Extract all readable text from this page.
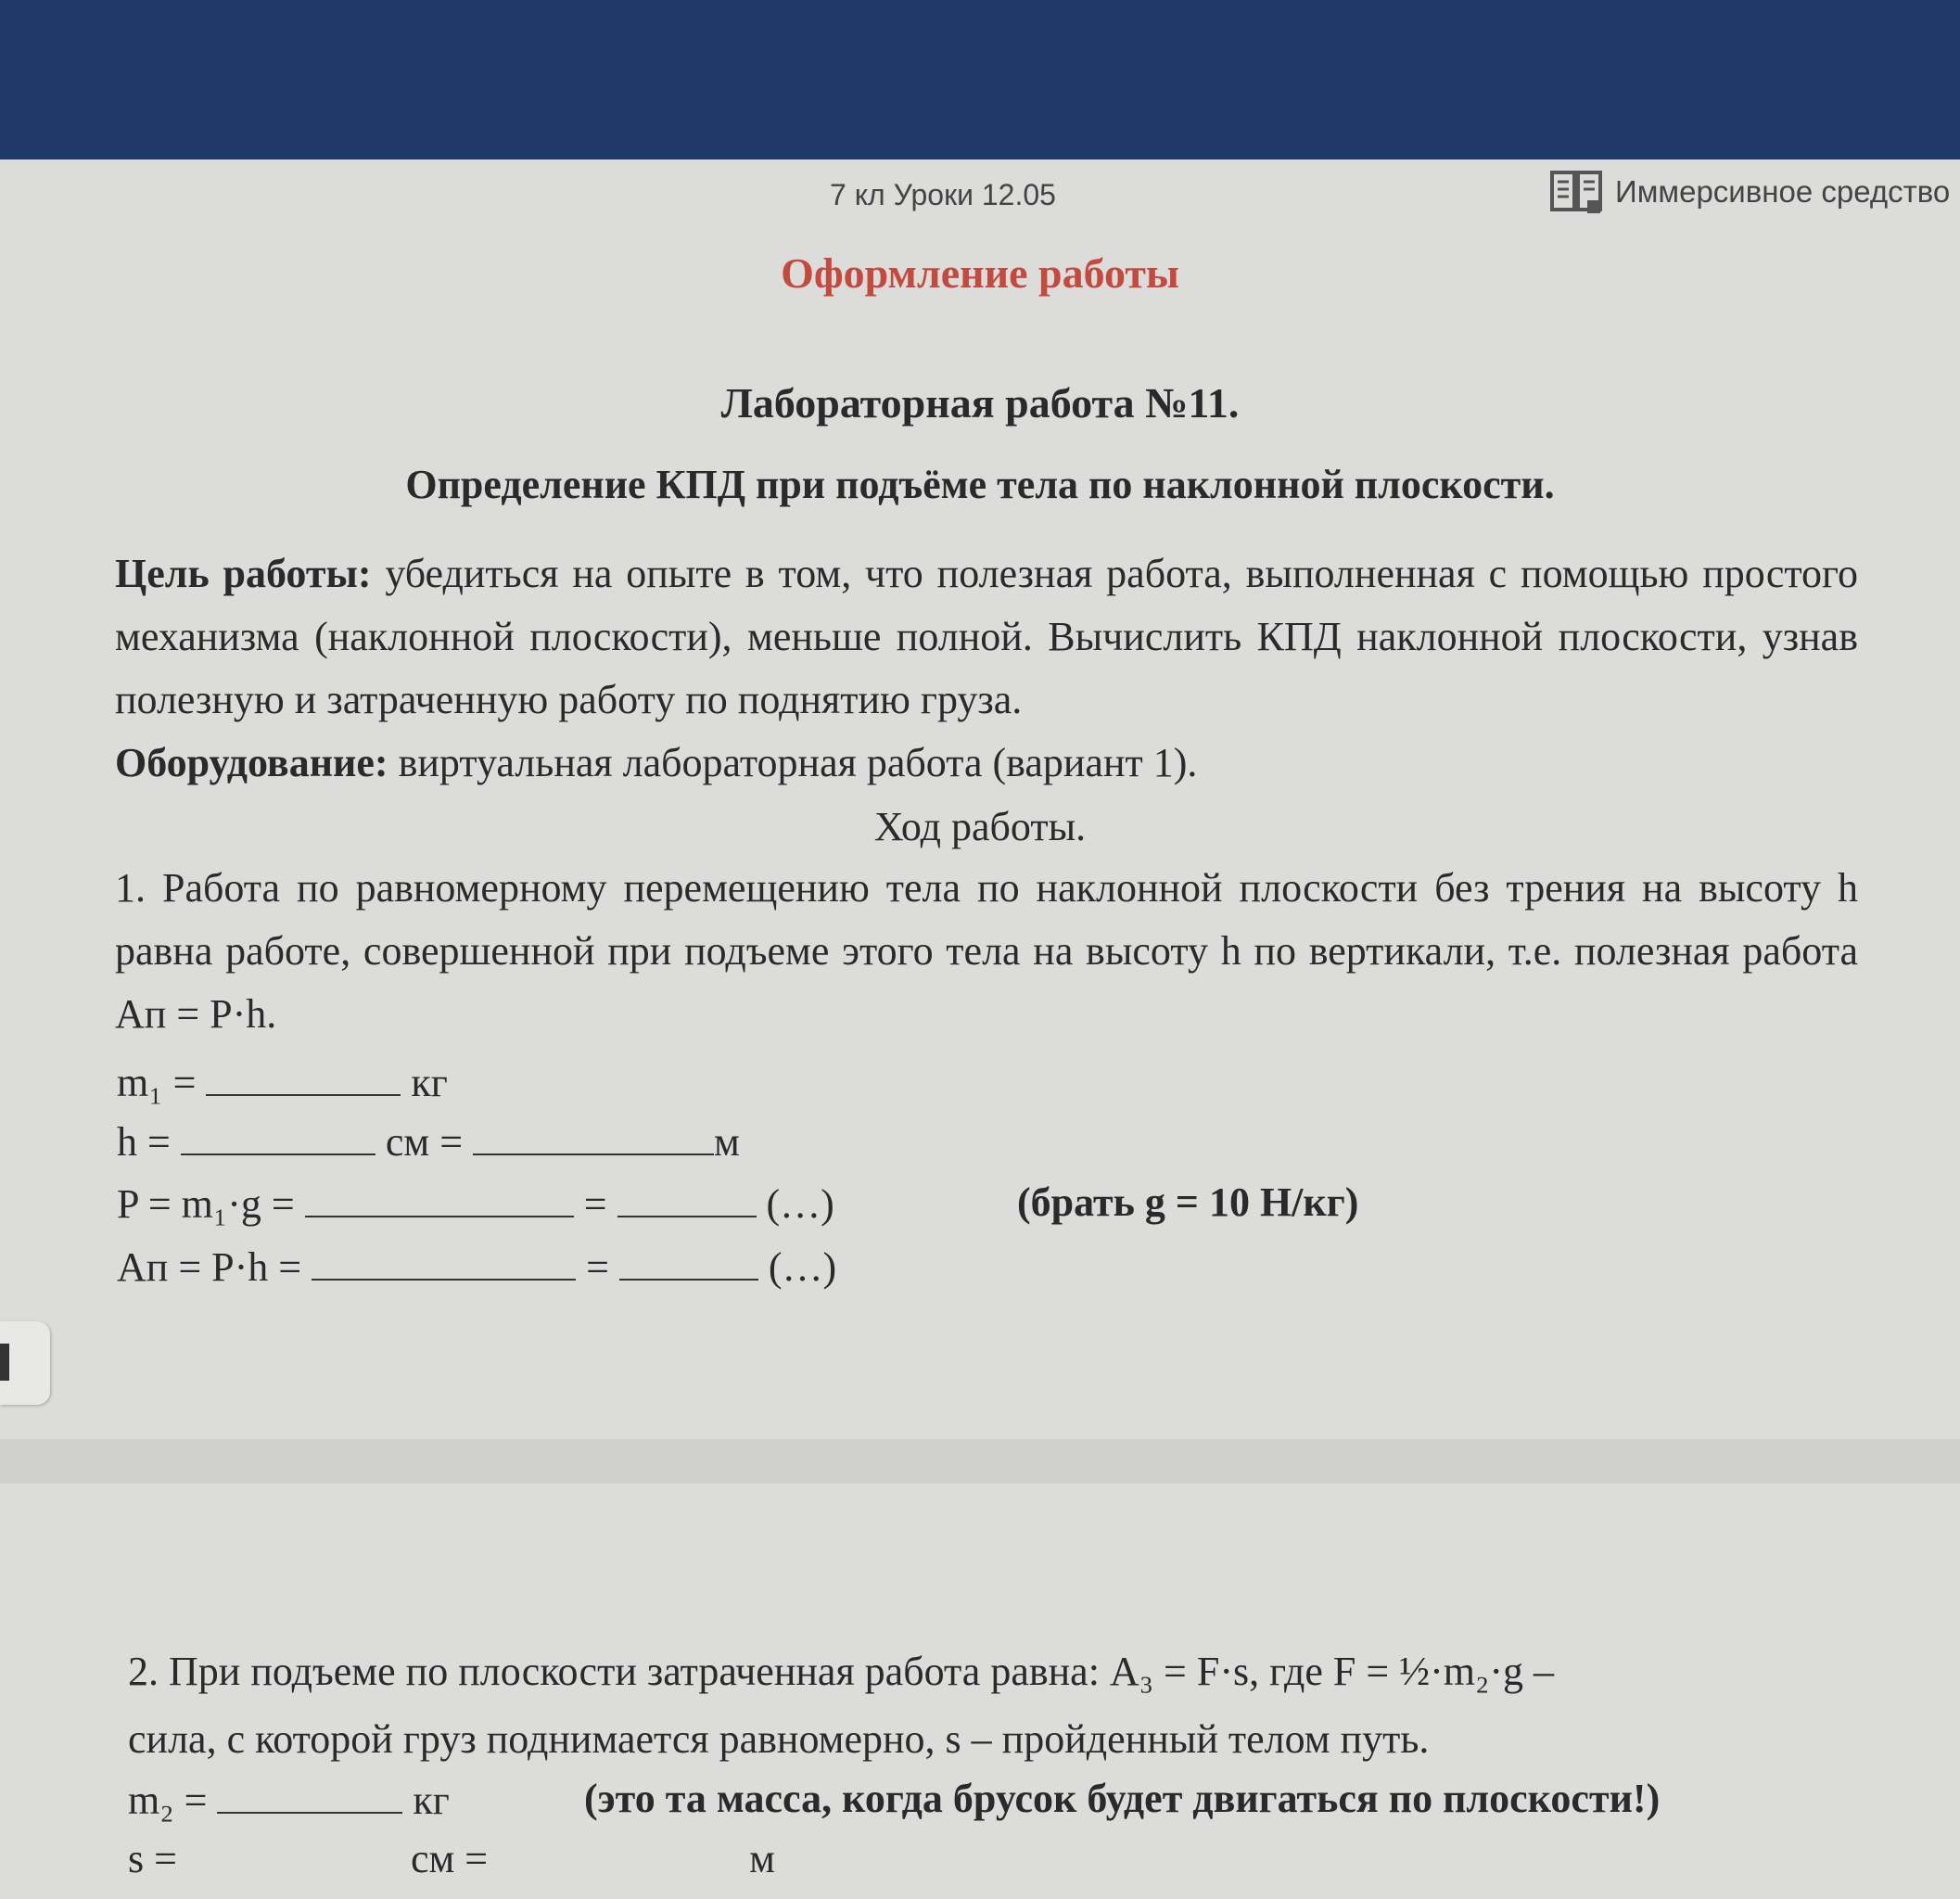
7 кл Уроки 12.05	Иммерсивное средство
Оформление работы
Лабораторная работа №11.
Определение КПД при подъёме тела по наклонной плоскости.
Цель работы: убедиться на опыте в том, что полезная работа, выполненная с помощью простого механизма (наклонной плоскости), меньше полной. Вычислить КПД наклонной плоскости, узнав полезную и затраченную работу по поднятию груза.
Оборудование: виртуальная лабораторная работа (вариант 1).
Ход работы.
1. Работа по равномерному перемещению тела по наклонной плоскости без трения на высоту h равна работе, совершенной при подъеме этого тела на высоту h по вертикали, т.е. полезная работа Aп = P·h.
m₁ =	кг
h =	см =	м
P = m₁·g =	=	(…)	(брать g = 10 Н/кг)
Aп = P·h =	=	(…)
2. При подъеме по плоскости затраченная работа равна: A₃ = F·s, где F = ½·m₂·g –
сила, с которой груз поднимается равномерно, s – пройденный телом путь.
m₂ =	кг	(это та масса, когда брусок будет двигаться по плоскости!)
s =	см =	м
